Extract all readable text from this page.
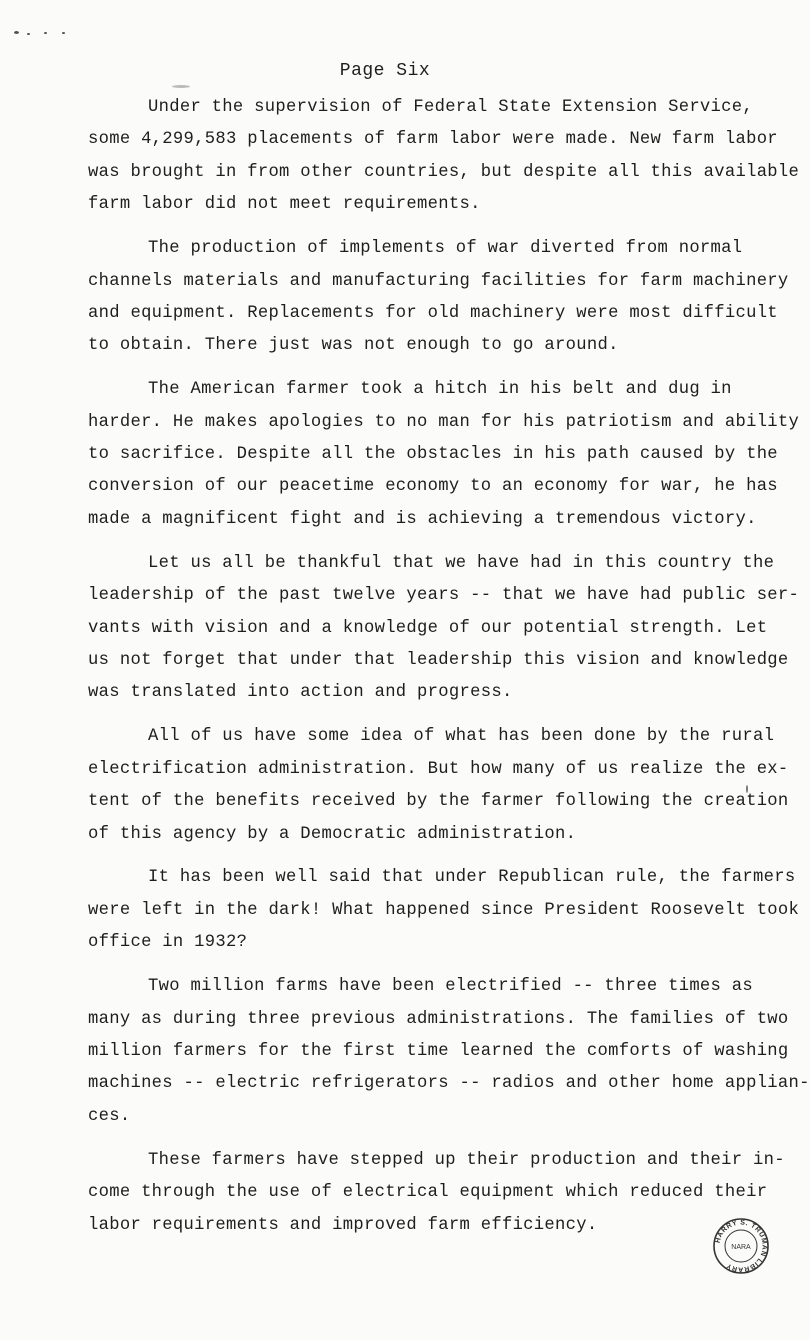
Page Six
Under the supervision of Federal State Extension Service,
some 4,299,583 placements of farm labor were made. New farm labor
was brought in from other countries, but despite all this available
farm labor did not meet requirements.
The production of implements of war diverted from normal
channels materials and manufacturing facilities for farm machinery
and equipment. Replacements for old machinery were most difficult
to obtain. There just was not enough to go around.
The American farmer took a hitch in his belt and dug in
harder. He makes apologies to no man for his patriotism and ability
to sacrifice. Despite all the obstacles in his path caused by the
conversion of our peacetime economy to an economy for war, he has
made a magnificent fight and is achieving a tremendous victory.
Let us all be thankful that we have had in this country the
leadership of the past twelve years -- that we have had public ser-
vants with vision and a knowledge of our potential strength. Let
us not forget that under that leadership this vision and knowledge
was translated into action and progress.
All of us have some idea of what has been done by the rural
electrification administration. But how many of us realize the ex-
tent of the benefits received by the farmer following the creation
of this agency by a Democratic administration.
It has been well said that under Republican rule, the farmers
were left in the dark! What happened since President Roosevelt took
office in 1932?
Two million farms have been electrified -- three times as
many as during three previous administrations. The families of two
million farmers for the first time learned the comforts of washing
machines -- electric refrigerators -- radios and other home applian-
ces.
These farmers have stepped up their production and their in-
come through the use of electrical equipment which reduced their
labor requirements and improved farm efficiency.
HARRY S. TRUMAN LIBRARY
NARA
